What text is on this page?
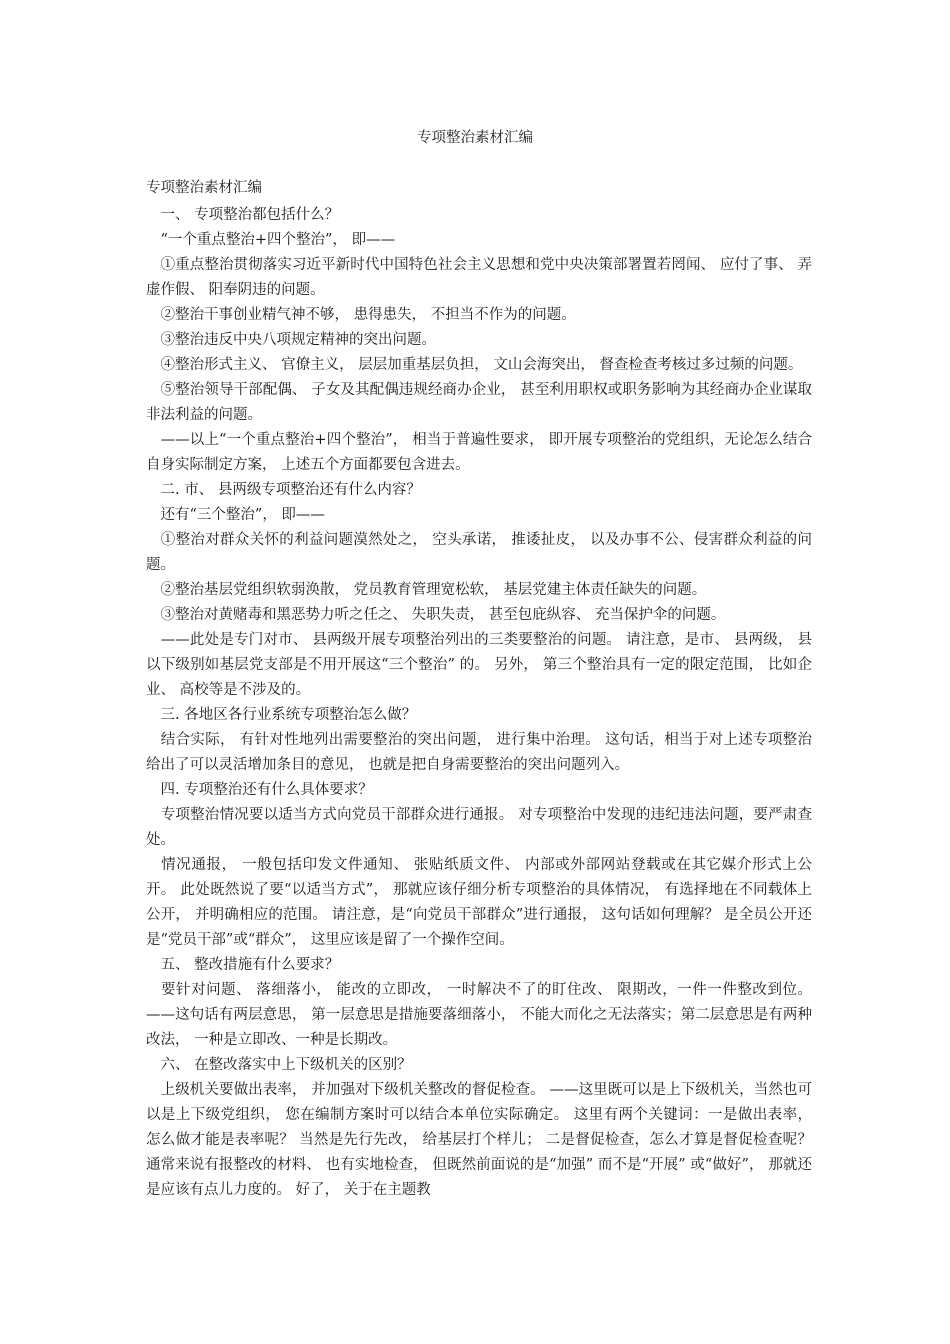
专项整治素材汇编
专项整治素材汇编
　一、 专项整治都包括什么？
　“一个重点整治+四个整治”， 即——
　①重点整治贯彻落实习近平新时代中国特色社会主义思想和党中央决策部署置若罔闻、 应付了事、 弄虚作假、 阳奉阴违的问题。
　②整治干事创业精气神不够， 患得患失， 不担当不作为的问题。
　③整治违反中央八项规定精神的突出问题。
　④整治形式主义、 官僚主义， 层层加重基层负担， 文山会海突出， 督查检查考核过多过频的问题。
　⑤整治领导干部配偶、 子女及其配偶违规经商办企业， 甚至利用职权或职务影响为其经商办企业谋取非法利益的问题。
　——以上“一个重点整治+四个整治”， 相当于普遍性要求， 即开展专项整治的党组织，无论怎么结合自身实际制定方案， 上述五个方面都要包含进去。
　二. 市、 县两级专项整治还有什么内容？
　还有“三个整治”， 即——
　①整治对群众关怀的利益问题漠然处之， 空头承诺， 推诿扯皮， 以及办事不公、侵害群众利益的问题。
　②整治基层党组织软弱涣散， 党员教育管理宽松软， 基层党建主体责任缺失的问题。
　③整治对黄赌毒和黑恶势力听之任之、 失职失责， 甚至包庇纵容、 充当保护伞的问题。
　——此处是专门对市、 县两级开展专项整治列出的三类要整治的问题。 请注意，是市、 县两级， 县以下级别如基层党支部是不用开展这“三个整治” 的。 另外， 第三个整治具有一定的限定范围， 比如企业、 高校等是不涉及的。
　三. 各地区各行业系统专项整治怎么做？
　结合实际， 有针对性地列出需要整治的突出问题， 进行集中治理。 这句话，相当于对上述专项整治给出了可以灵活增加条目的意见， 也就是把自身需要整治的突出问题列入。
　四. 专项整治还有什么具体要求？
　专项整治情况要以适当方式向党员干部群众进行通报。 对专项整治中发现的违纪违法问题，要严肃查处。
　情况通报， 一般包括印发文件通知、 张贴纸质文件、 内部或外部网站登载或在其它媒介形式上公开。 此处既然说了要“以适当方式”， 那就应该仔细分析专项整治的具体情况， 有选择地在不同载体上公开， 并明确相应的范围。 请注意，是“向党员干部群众”进行通报， 这句话如何理解？ 是全员公开还是“党员干部”或“群众”， 这里应该是留了一个操作空间。
　五、 整改措施有什么要求？
　要针对问题、 落细落小， 能改的立即改， 一时解决不了的盯住改、 限期改，一件一件整改到位。 ——这句话有两层意思， 第一层意思是措施要落细落小， 不能大而化之无法落实；第二层意思是有两种改法， 一种是立即改、一种是长期改。
　六、 在整改落实中上下级机关的区别？
　上级机关要做出表率， 并加强对下级机关整改的督促检查。 ——这里既可以是上下级机关，当然也可以是上下级党组织， 您在编制方案时可以结合本单位实际确定。 这里有两个关键词：一是做出表率， 怎么做才能是表率呢？ 当然是先行先改， 给基层打个样儿； 二是督促检查，怎么才算是督促检查呢？ 通常来说有报整改的材料、 也有实地检查， 但既然前面说的是“加强” 而不是“开展” 或“做好”， 那就还是应该有点儿力度的。 好了， 关于在主题教
